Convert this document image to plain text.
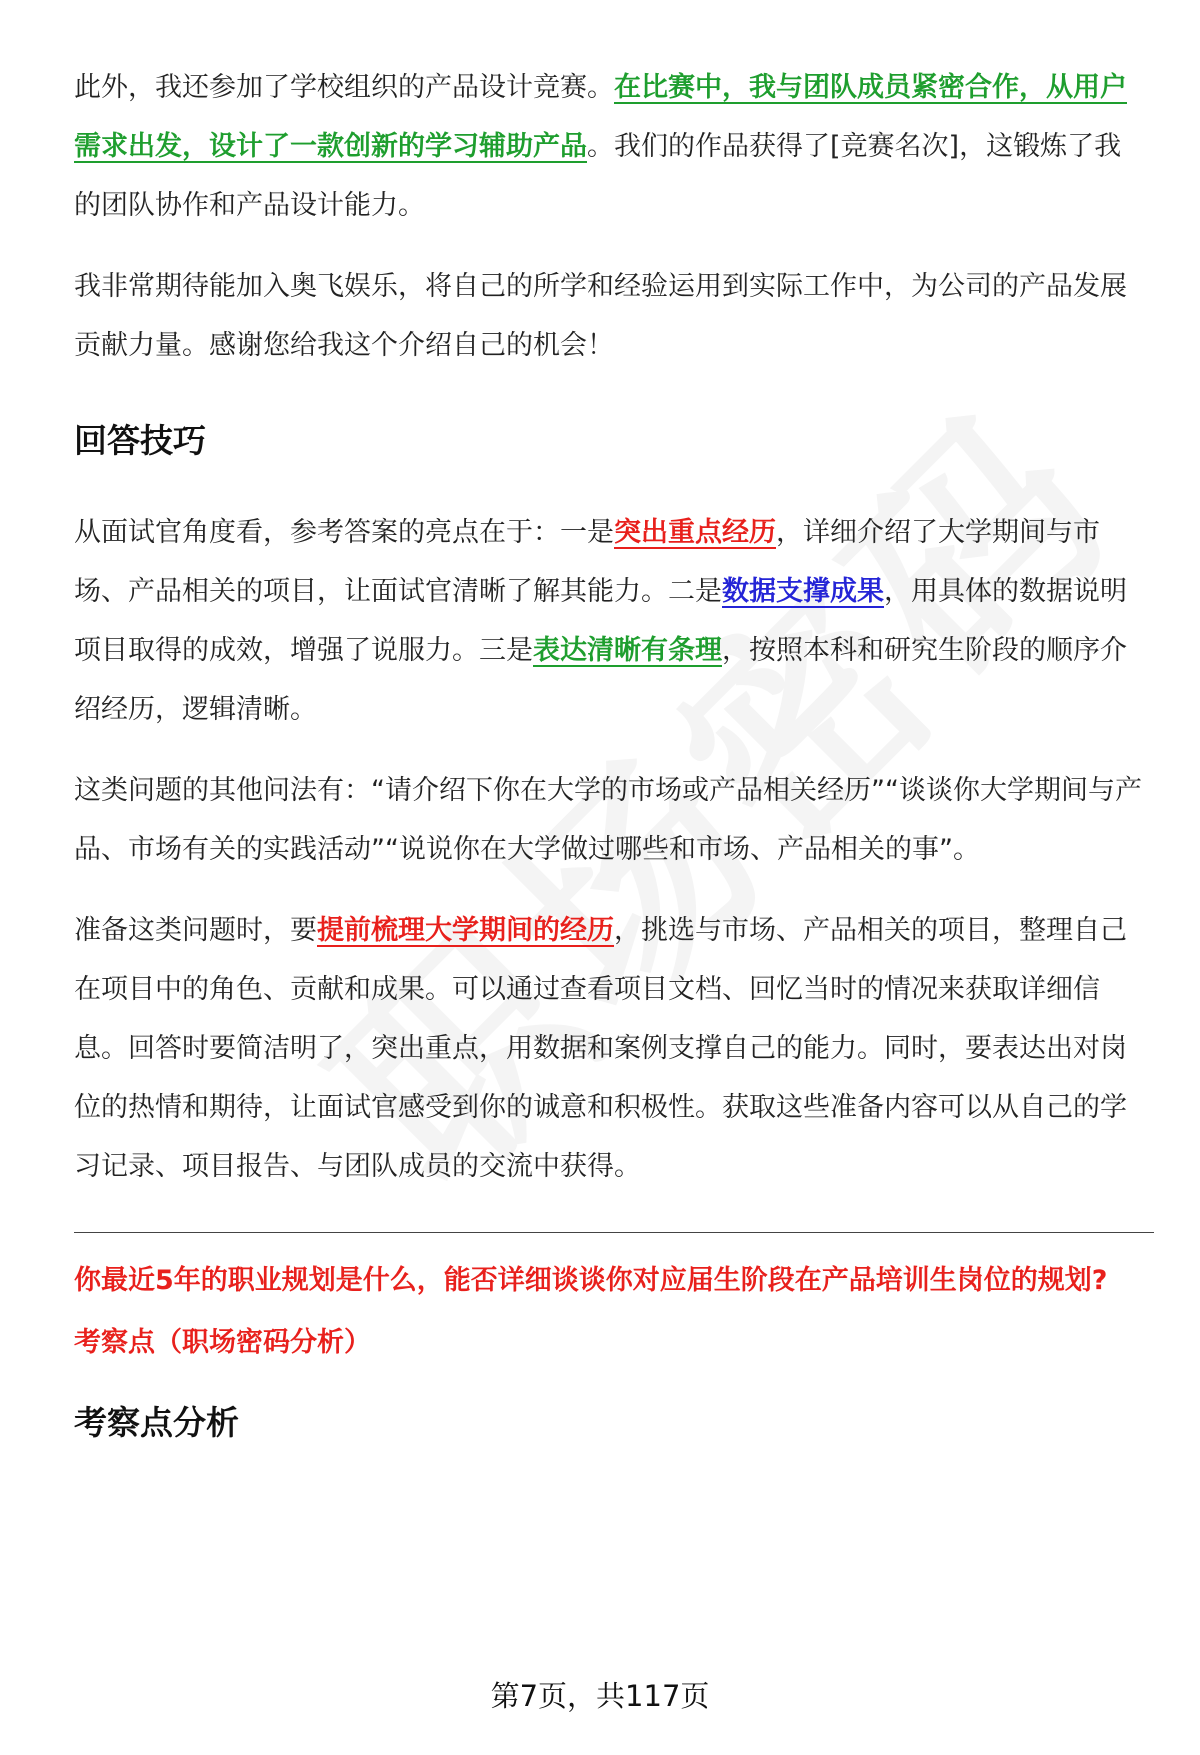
此外，我还参加了学校组织的产品设计竞赛。在比赛中，我与团队成员紧密合作，从用户需求出发，设计了一款创新的学习辅助产品。我们的作品获得了[竞赛名次]，这锻炼了我的团队协作和产品设计能力。

我非常期待能加入奥飞娱乐，将自己的所学和经验运用到实际工作中，为公司的产品发展贡献力量。感谢您给我这个介绍自己的机会！

回答技巧

从面试官角度看，参考答案的亮点在于：一是突出重点经历，详细介绍了大学期间与市场、产品相关的项目，让面试官清晰了解其能力。二是数据支撑成果，用具体的数据说明项目取得的成效，增强了说服力。三是表达清晰有条理，按照本科和研究生阶段的顺序介绍经历，逻辑清晰。

这类问题的其他问法有：“请介绍下你在大学的市场或产品相关经历”“谈谈你大学期间与产品、市场有关的实践活动”“说说你在大学做过哪些和市场、产品相关的事”。

准备这类问题时，要提前梳理大学期间的经历，挑选与市场、产品相关的项目，整理自己在项目中的角色、贡献和成果。可以通过查看项目文档、回忆当时的情况来获取详细信息。回答时要简洁明了，突出重点，用数据和案例支撑自己的能力。同时，要表达出对岗位的热情和期待，让面试官感受到你的诚意和积极性。获取这些准备内容可以从自己的学习记录、项目报告、与团队成员的交流中获得。

你最近5年的职业规划是什么，能否详细谈谈你对应届生阶段在产品培训生岗位的规划?

考察点（职场密码分析）

考察点分析
第7页，共117页
